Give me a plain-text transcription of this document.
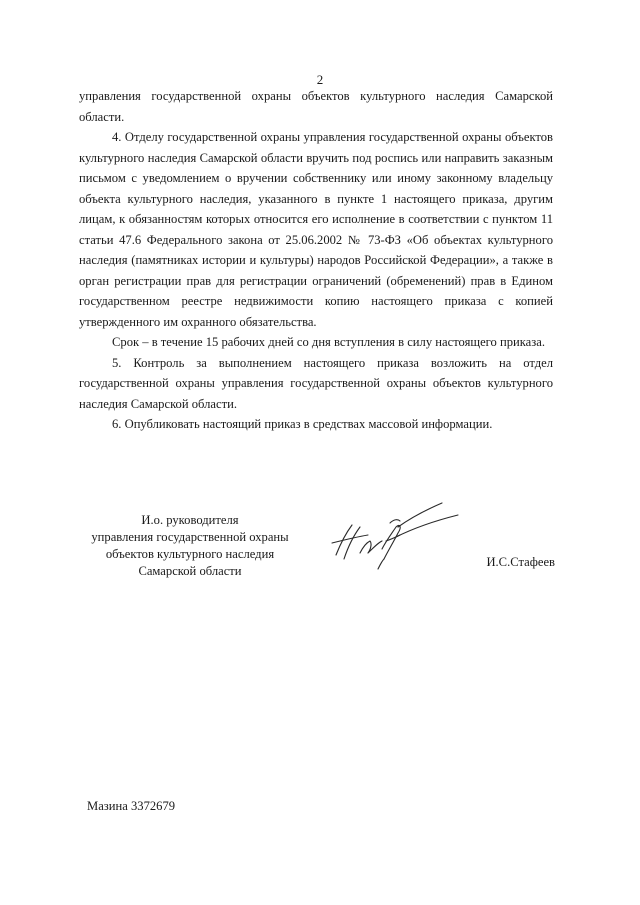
2

управления государственной охраны объектов культурного наследия Самарской области.

4. Отделу государственной охраны управления государственной охраны объектов культурного наследия Самарской области вручить под роспись или направить заказным письмом с уведомлением о вручении собственнику или иному законному владельцу объекта культурного наследия, указанного в пункте 1 настоящего приказа, другим лицам, к обязанностям которых относится его исполнение в соответствии с пунктом 11 статьи 47.6 Федерального закона от 25.06.2002 № 73-ФЗ «Об объектах культурного наследия (памятниках истории и культуры) народов Российской Федерации», а также в орган регистрации прав для регистрации ограничений (обременений) прав в Едином государственном реестре недвижимости копию настоящего приказа с копией утвержденного им охранного обязательства.

Срок – в течение 15 рабочих дней со дня вступления в силу настоящего приказа.

5. Контроль за выполнением настоящего приказа возложить на отдел государственной охраны управления государственной охраны объектов культурного наследия Самарской области.

6. Опубликовать настоящий приказ в средствах массовой информации.

И.о. руководителя
управления государственной охраны
объектов культурного наследия
Самарской области
И.С.Стафеев
Мазина 3372679
